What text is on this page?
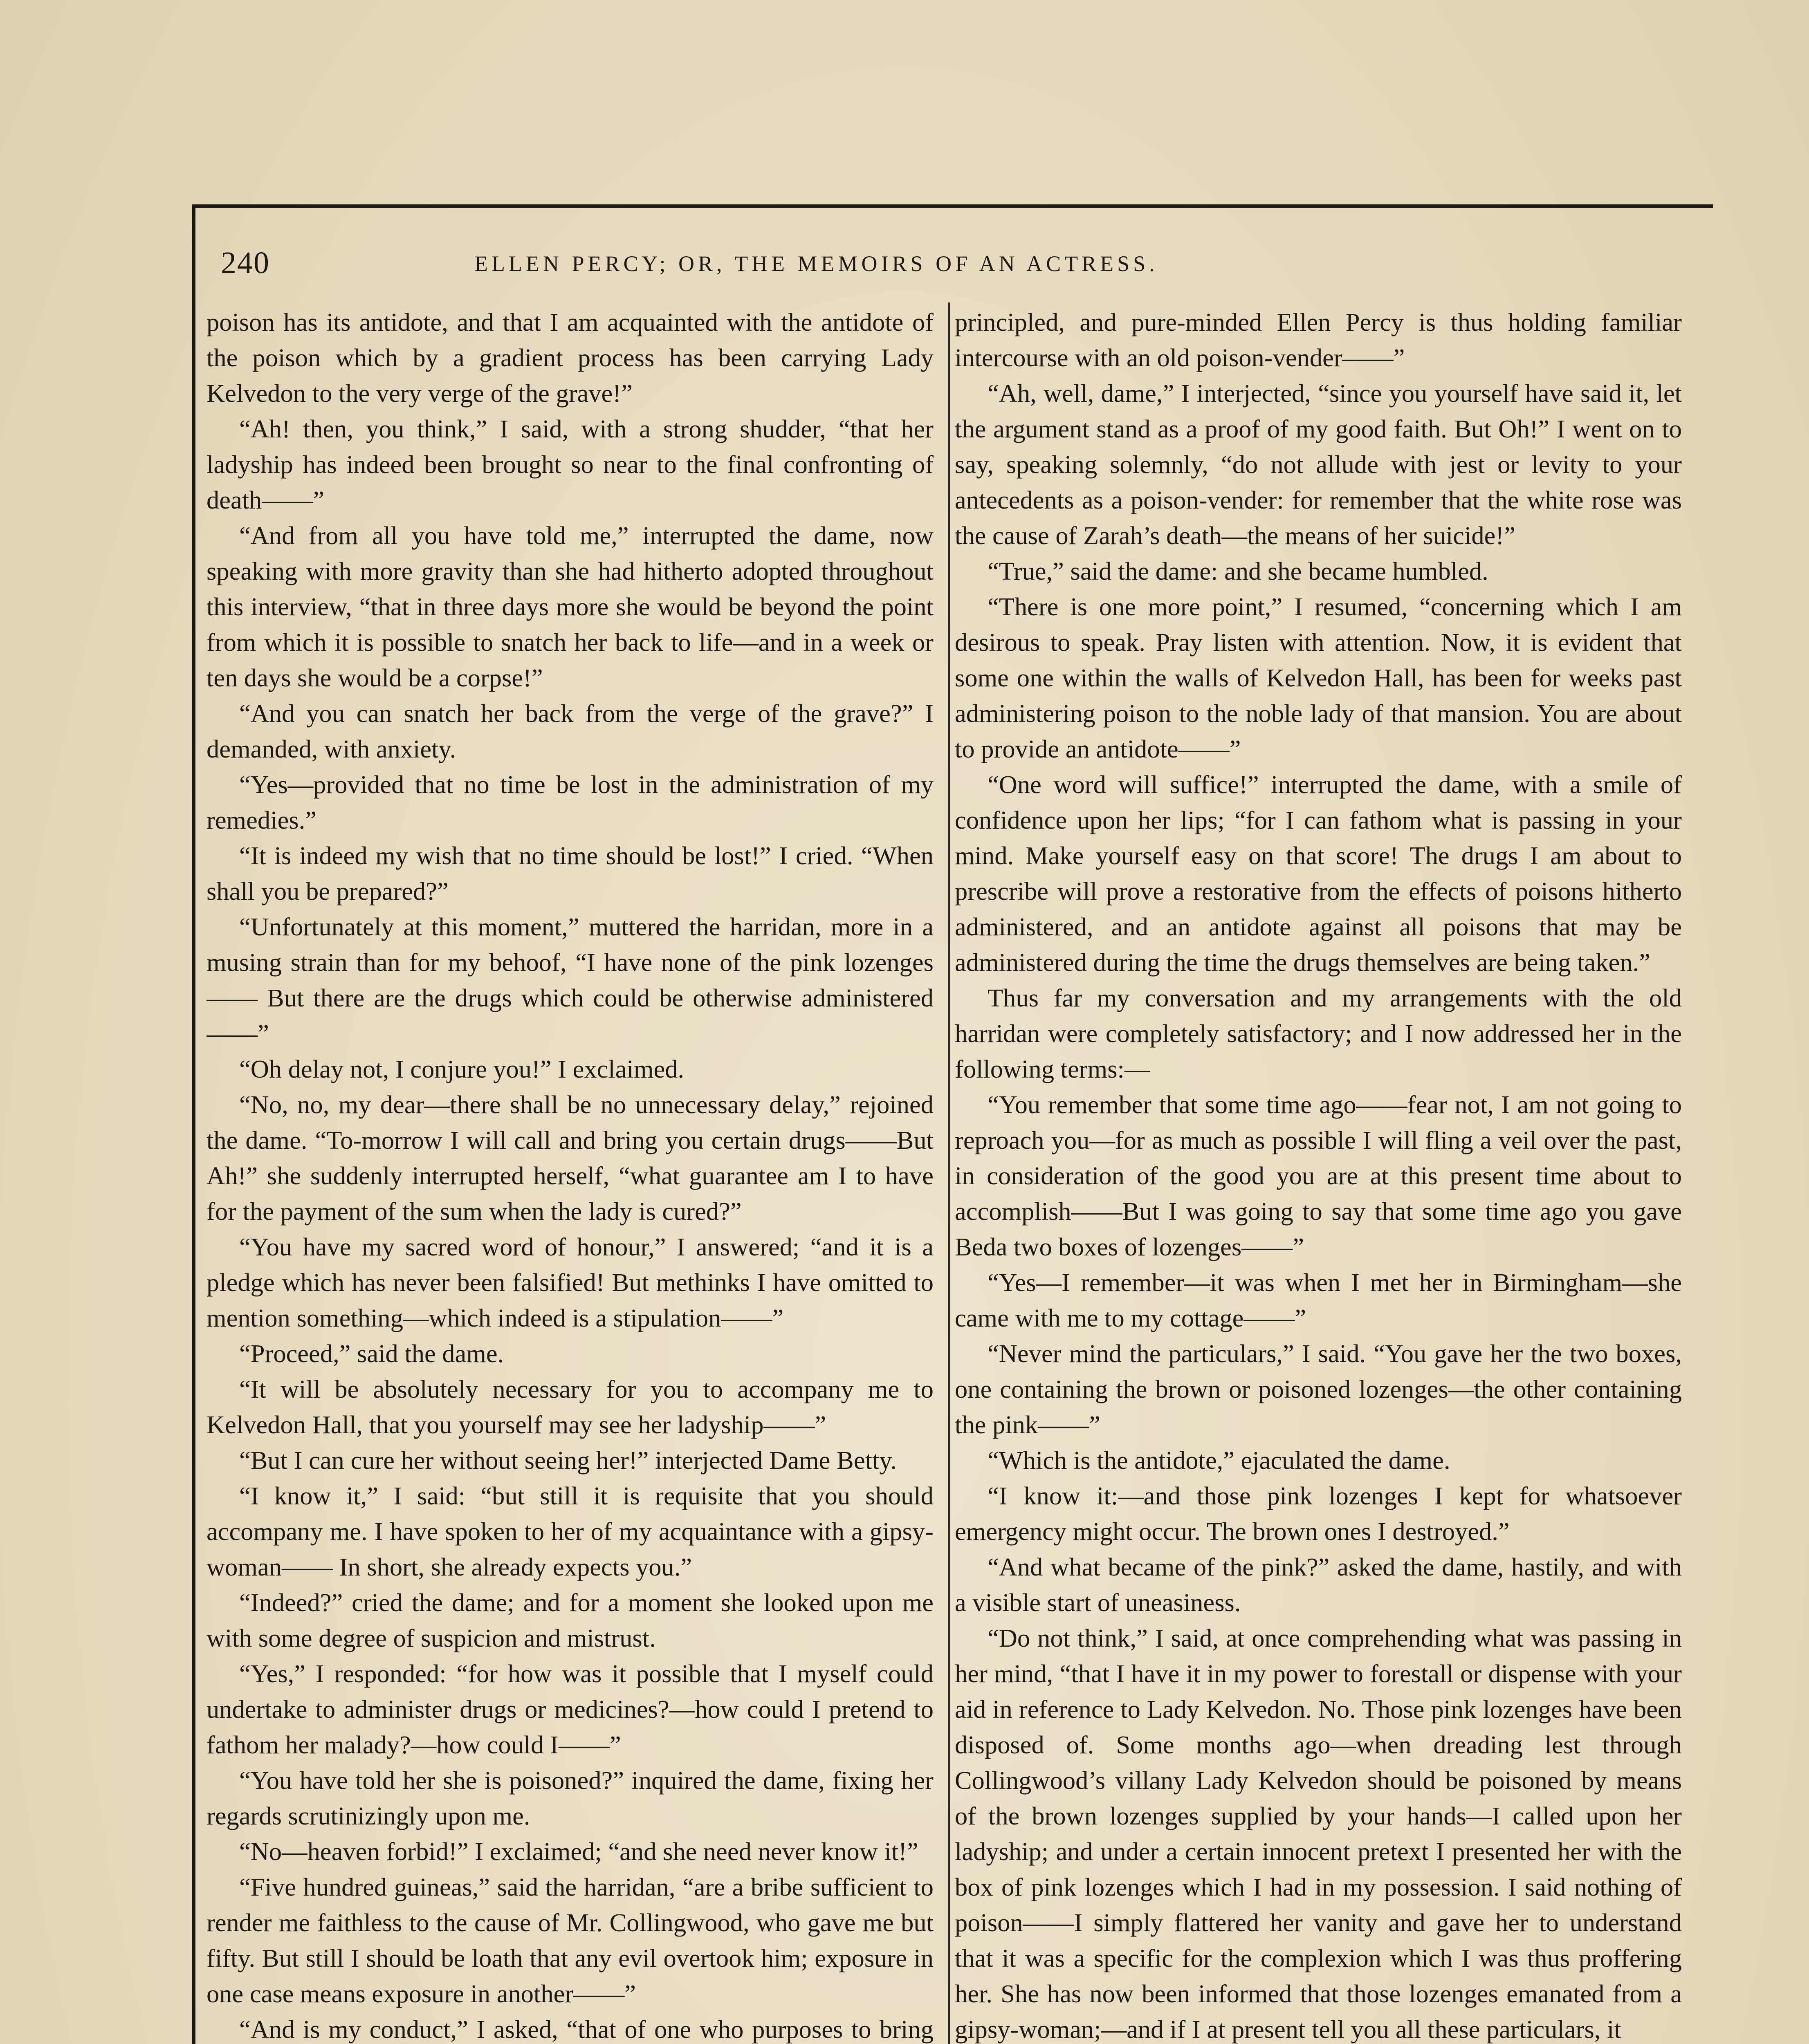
240	ELLEN PERCY; OR, THE MEMOIRS OF AN ACTRESS.

poison has its antidote, and that I am acquainted with the antidote of the poison which by a gradient process has been carrying Lady Kelvedon to the very verge of the grave!”

“Ah! then, you think,” I said, with a strong shudder, “that her ladyship has indeed been brought so near to the final confronting of death——”

“And from all you have told me,” interrupted the dame, now speaking with more gravity than she had hitherto adopted throughout this interview, “that in three days more she would be beyond the point from which it is possible to snatch her back to life—and in a week or ten days she would be a corpse!”

“And you can snatch her back from the verge of the grave?” I demanded, with anxiety.

“Yes—provided that no time be lost in the administration of my remedies.”

“It is indeed my wish that no time should be lost!” I cried. “When shall you be prepared?”

“Unfortunately at this moment,” muttered the harridan, more in a musing strain than for my behoof, “I have none of the pink lozenges—— But there are the drugs which could be otherwise administered——”

“Oh delay not, I conjure you!” I exclaimed.

“No, no, my dear—there shall be no unnecessary delay,” rejoined the dame. “To-morrow I will call and bring you certain drugs——But Ah!” she suddenly interrupted herself, “what guarantee am I to have for the payment of the sum when the lady is cured?”

“You have my sacred word of honour,” I answered; “and it is a pledge which has never been falsified! But methinks I have omitted to mention something—which indeed is a stipulation——”

“Proceed,” said the dame.

“It will be absolutely necessary for you to accompany me to Kelvedon Hall, that you yourself may see her ladyship——”

“But I can cure her without seeing her!” interjected Dame Betty.

“I know it,” I said: “but still it is requisite that you should accompany me. I have spoken to her of my acquaintance with a gipsy-woman—— In short, she already expects you.”

“Indeed?” cried the dame; and for a moment she looked upon me with some degree of suspicion and mistrust.

“Yes,” I responded: “for how was it possible that I myself could undertake to administer drugs or medicines?—how could I pretend to fathom her malady?—how could I——”

“You have told her she is poisoned?” inquired the dame, fixing her regards scrutinizingly upon me.

“No—heaven forbid!” I exclaimed; “and she need never know it!”

“Five hundred guineas,” said the harridan, “are a bribe sufficient to render me faithless to the cause of Mr. Collingwood, who gave me but fifty. But still I should be loath that any evil overtook him; exposure in one case means exposure in another——”

“And is my conduct,” I asked, “that of one who purposes to bring

principled, and pure-minded Ellen Percy is thus holding familiar intercourse with an old poison-vender——”

“Ah, well, dame,” I interjected, “since you yourself have said it, let the argument stand as a proof of my good faith. But Oh!” I went on to say, speaking solemnly, “do not allude with jest or levity to your antecedents as a poison-vender: for remember that the white rose was the cause of Zarah’s death—the means of her suicide!”

“True,” said the dame: and she became humbled.

“There is one more point,” I resumed, “concerning which I am desirous to speak. Pray listen with attention. Now, it is evident that some one within the walls of Kelvedon Hall, has been for weeks past administering poison to the noble lady of that mansion. You are about to provide an antidote——”

“One word will suffice!” interrupted the dame, with a smile of confidence upon her lips; “for I can fathom what is passing in your mind. Make yourself easy on that score! The drugs I am about to prescribe will prove a restorative from the effects of poisons hitherto administered, and an antidote against all poisons that may be administered during the time the drugs themselves are being taken.”

Thus far my conversation and my arrangements with the old harridan were completely satisfactory; and I now addressed her in the following terms:—

“You remember that some time ago——fear not, I am not going to reproach you—for as much as possible I will fling a veil over the past, in consideration of the good you are at this present time about to accomplish——But I was going to say that some time ago you gave Beda two boxes of lozenges——”

“Yes—I remember—it was when I met her in Birmingham—she came with me to my cottage——”

“Never mind the particulars,” I said. “You gave her the two boxes, one containing the brown or poisoned lozenges—the other containing the pink——”

“Which is the antidote,” ejaculated the dame.

“I know it:—and those pink lozenges I kept for whatsoever emergency might occur. The brown ones I destroyed.”

“And what became of the pink?” asked the dame, hastily, and with a visible start of uneasiness.

“Do not think,” I said, at once comprehending what was passing in her mind, “that I have it in my power to forestall or dispense with your aid in reference to Lady Kelvedon. No. Those pink lozenges have been disposed of. Some months ago—when dreading lest through Collingwood’s villany Lady Kelvedon should be poisoned by means of the brown lozenges supplied by your hands—I called upon her ladyship; and under a certain innocent pretext I presented her with the box of pink lozenges which I had in my possession. I said nothing of poison——I simply flattered her vanity and gave her to understand that it was a specific for the complexion which I was thus proffering her. She has now been informed that those lozenges emanated from a gipsy-woman;—and if I at present tell you all these particulars, it
